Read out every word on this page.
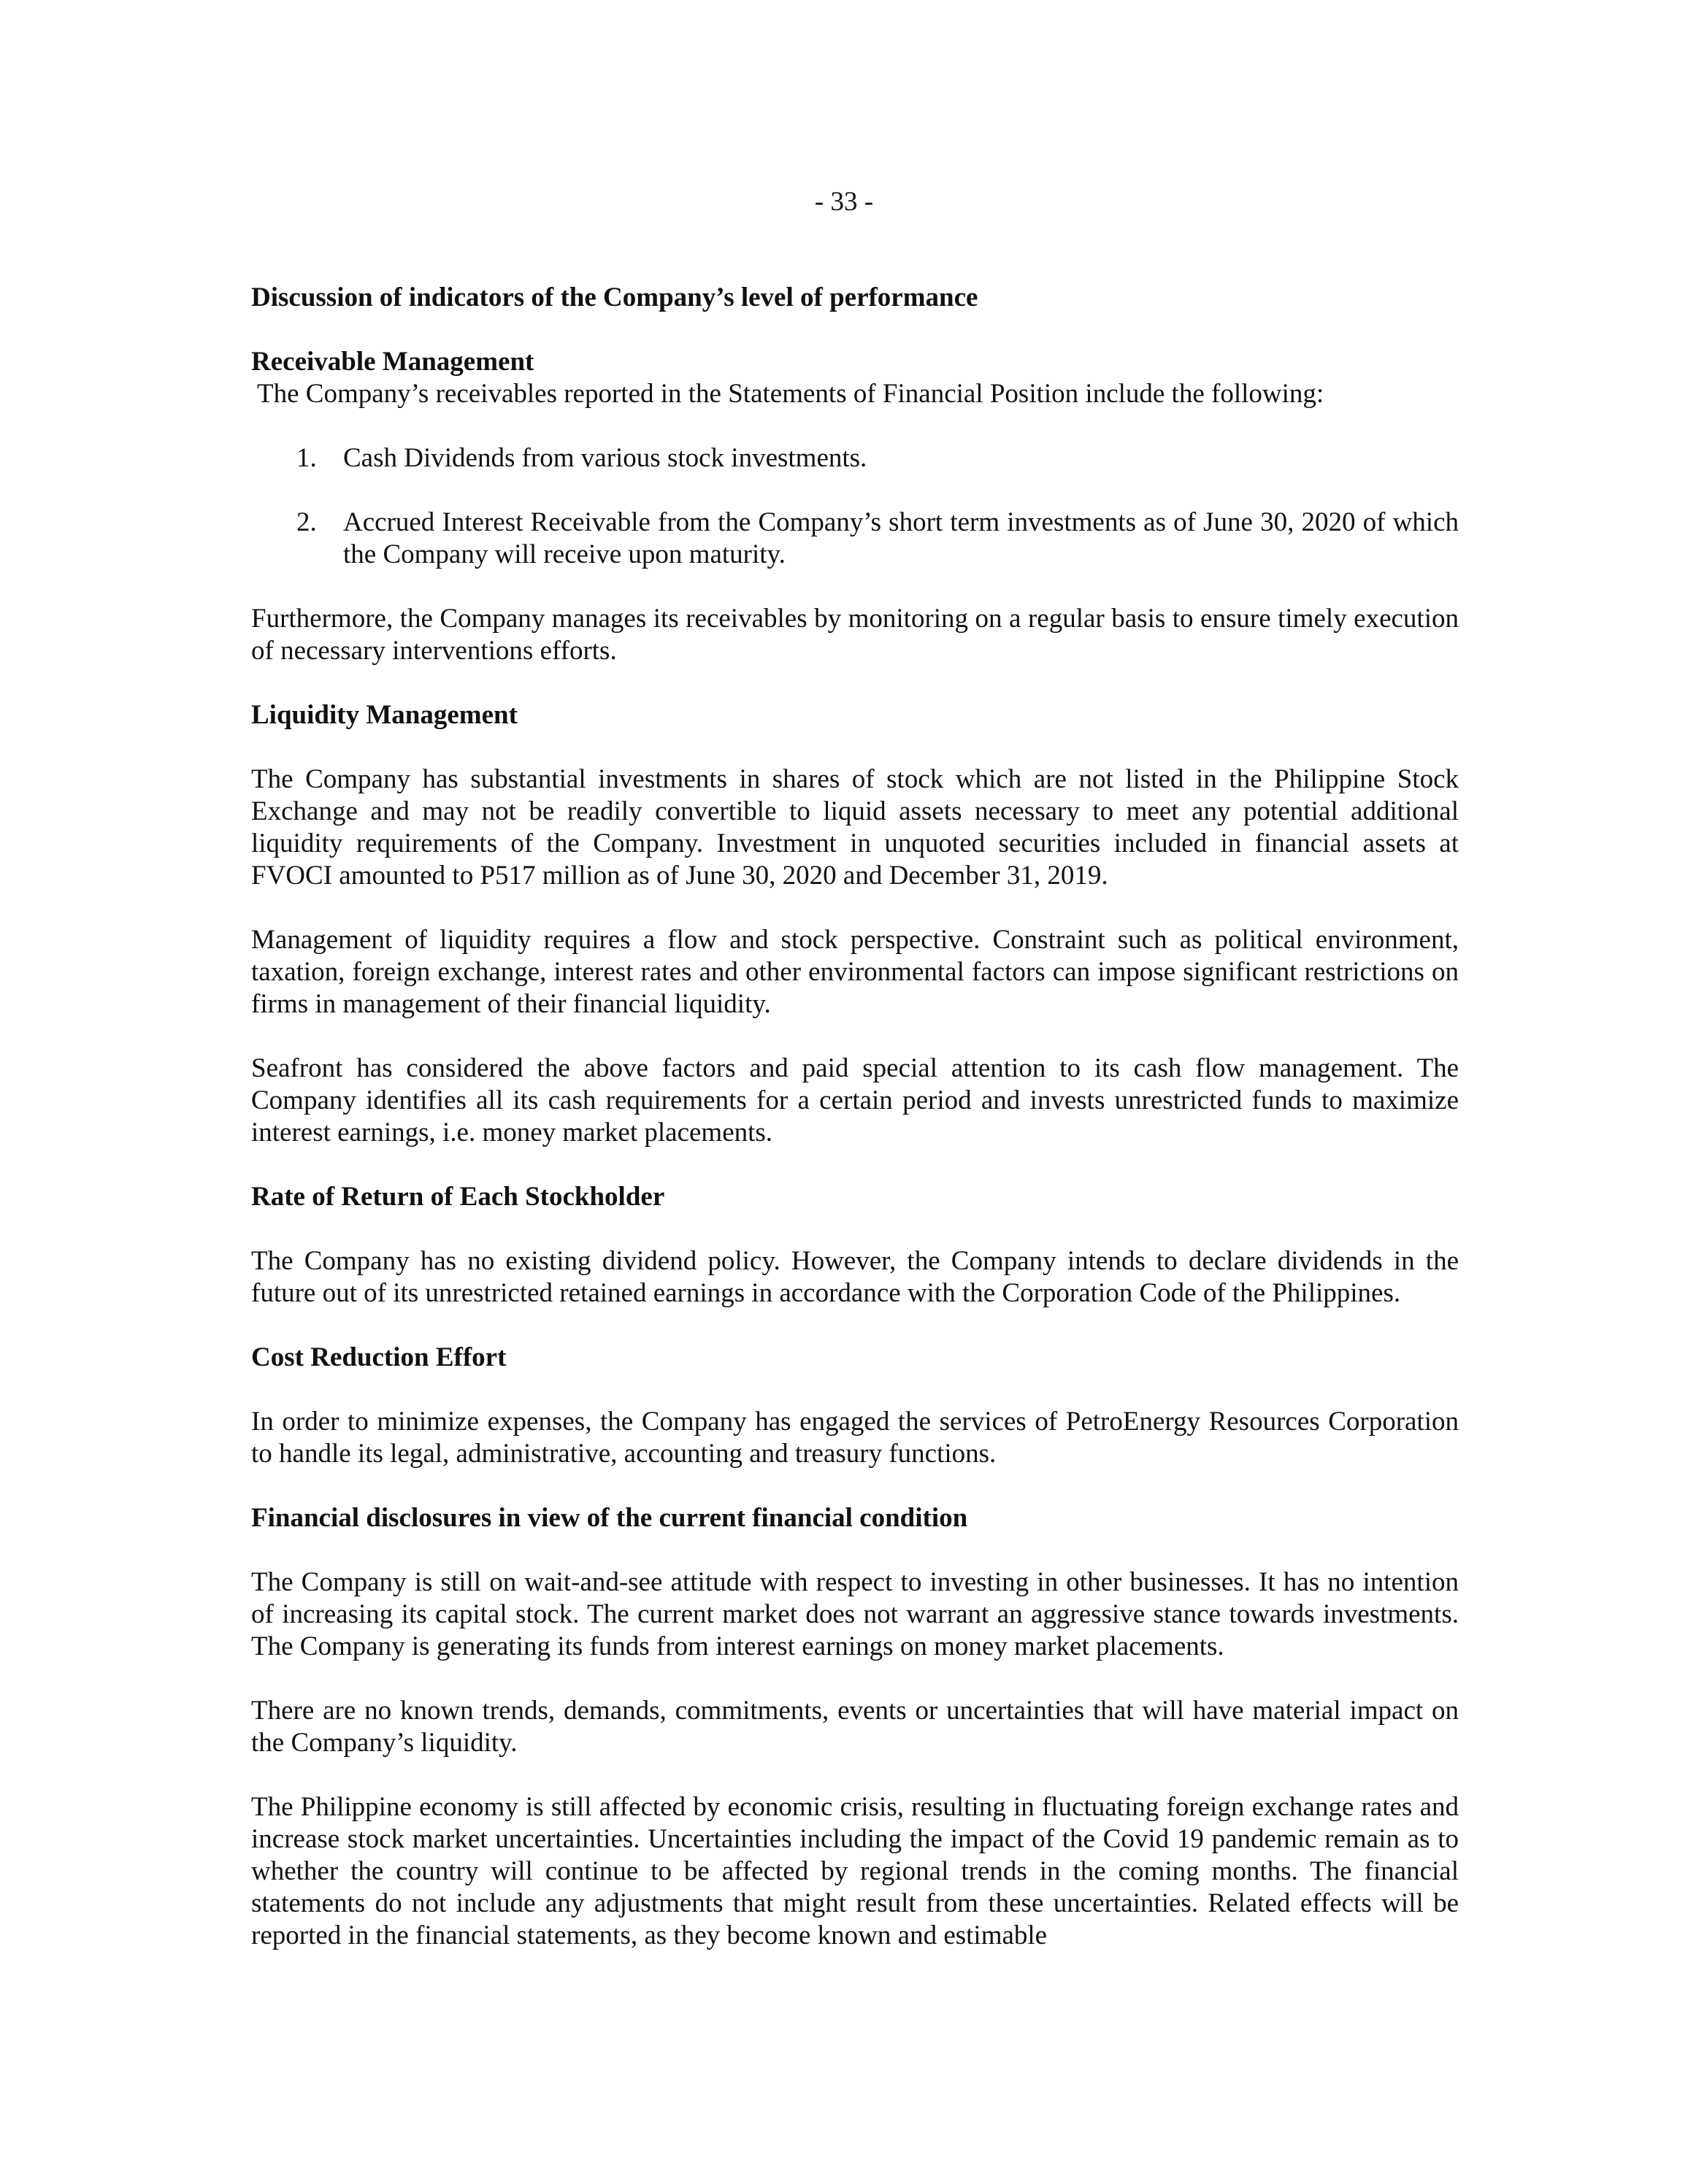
- 33 -

Discussion of indicators of the Company’s level of performance

Receivable Management

The Company’s receivables reported in the Statements of Financial Position include the following:

1. Cash Dividends from various stock investments.
2. Accrued Interest Receivable from the Company’s short term investments as of June 30, 2020 of which the Company will receive upon maturity.

Furthermore, the Company manages its receivables by monitoring on a regular basis to ensure timely execution of necessary interventions efforts.

Liquidity Management

The Company has substantial investments in shares of stock which are not listed in the Philippine Stock Exchange and may not be readily convertible to liquid assets necessary to meet any potential additional liquidity requirements of the Company. Investment in unquoted securities included in financial assets at FVOCI amounted to P517 million as of June 30, 2020 and December 31, 2019.

Management of liquidity requires a flow and stock perspective. Constraint such as political environment, taxation, foreign exchange, interest rates and other environmental factors can impose significant restrictions on firms in management of their financial liquidity.

Seafront has considered the above factors and paid special attention to its cash flow management. The Company identifies all its cash requirements for a certain period and invests unrestricted funds to maximize interest earnings, i.e. money market placements.

Rate of Return of Each Stockholder

The Company has no existing dividend policy. However, the Company intends to declare dividends in the future out of its unrestricted retained earnings in accordance with the Corporation Code of the Philippines.

Cost Reduction Effort

In order to minimize expenses, the Company has engaged the services of PetroEnergy Resources Corporation to handle its legal, administrative, accounting and treasury functions.

Financial disclosures in view of the current financial condition

The Company is still on wait-and-see attitude with respect to investing in other businesses. It has no intention of increasing its capital stock. The current market does not warrant an aggressive stance towards investments. The Company is generating its funds from interest earnings on money market placements.

There are no known trends, demands, commitments, events or uncertainties that will have material impact on the Company’s liquidity.

The Philippine economy is still affected by economic crisis, resulting in fluctuating foreign exchange rates and increase stock market uncertainties. Uncertainties including the impact of the Covid 19 pandemic remain as to whether the country will continue to be affected by regional trends in the coming months. The financial statements do not include any adjustments that might result from these uncertainties. Related effects will be reported in the financial statements, as they become known and estimable
